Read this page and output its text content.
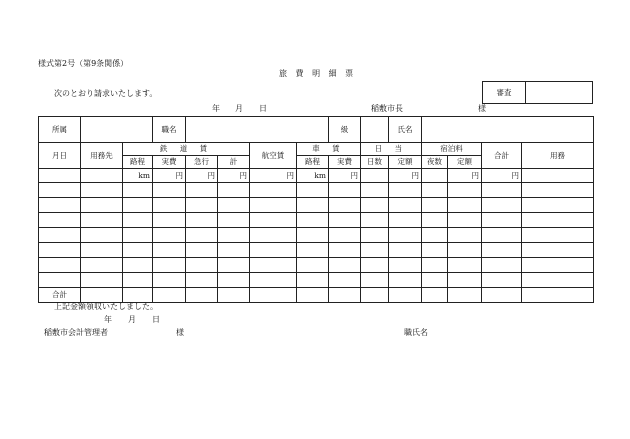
様式第2号（第9条関係）
旅 費 明 細 票
次のとおり請求いたします。	審査	
年 月 日	稲敷市長	様
所属			職名					級		氏名				
月日	用務先	鉄 道 賃				航空賃	車 賃		日 当		宿泊料		合計	用務
		路程	実費	急行	計		路程	実費	日数	定額	夜数	定額		
		km	円	円	円	円	km	円		円		円	円	

合計														
上記金額領収いたしました。
年 月 日
稲敷市会計管理者	様	職氏名
